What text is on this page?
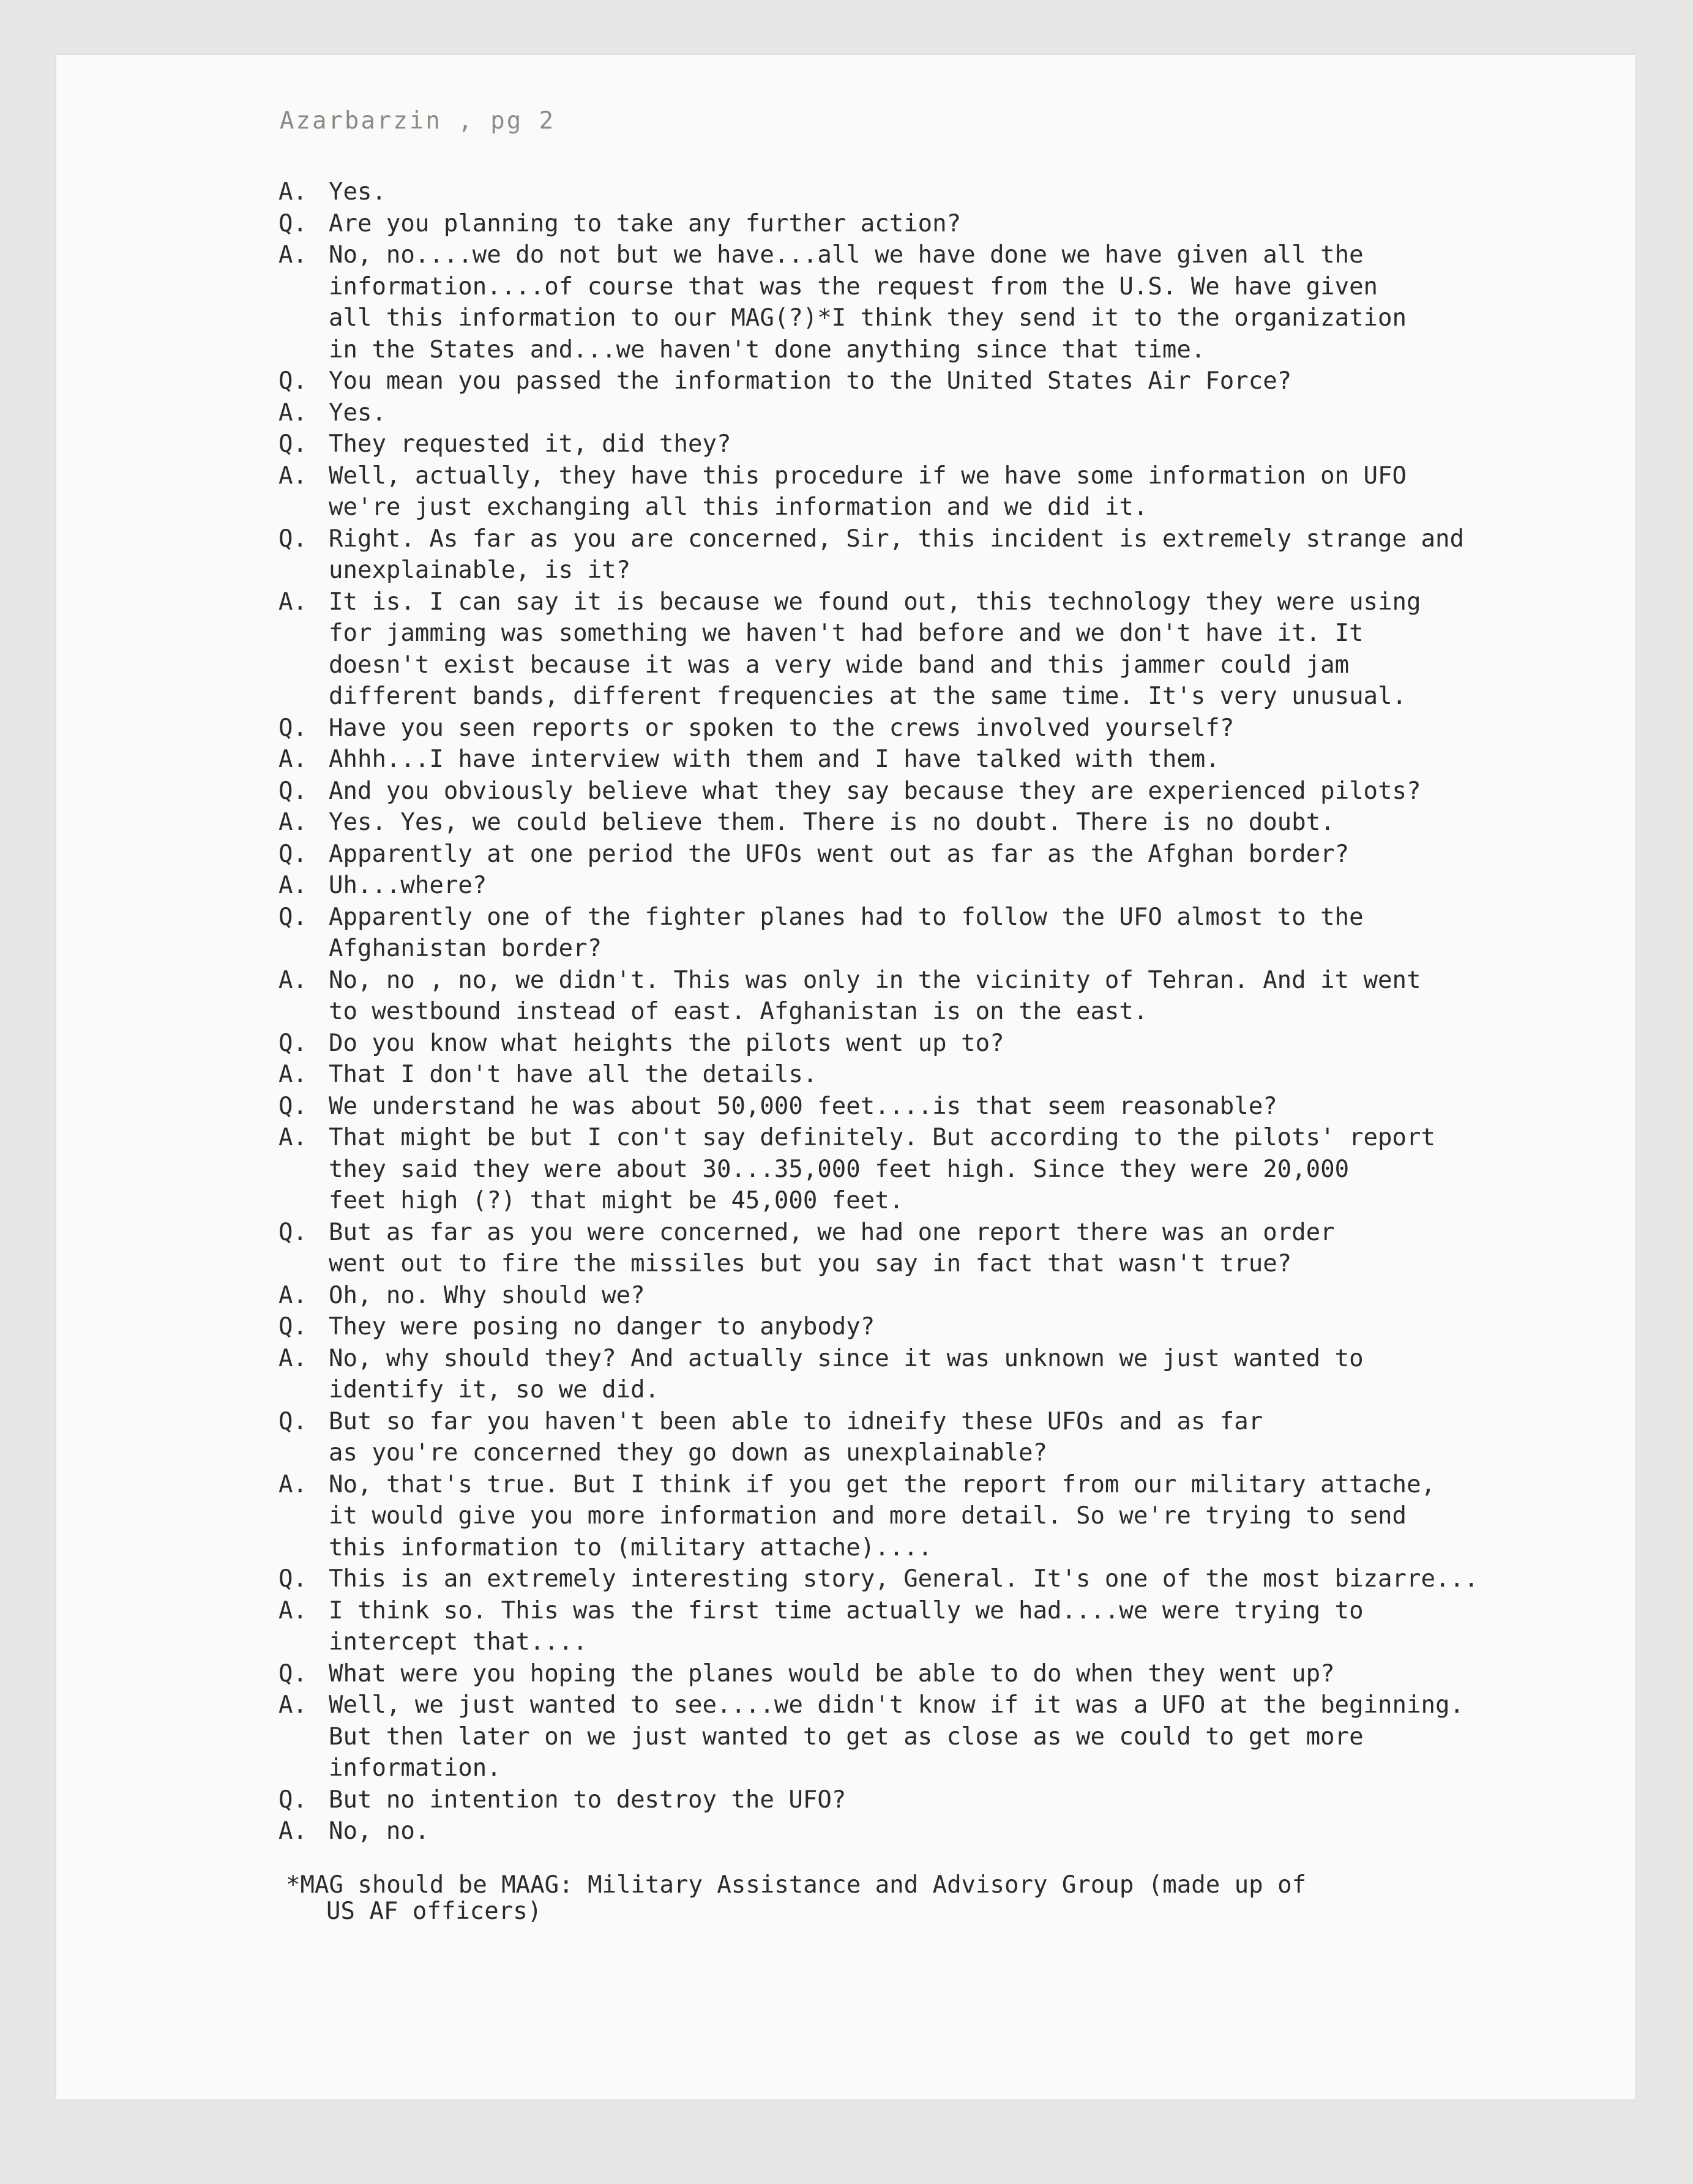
Azarbarzin , pg 2
A. Yes.
Q. Are you planning to take any further action?
A. No, no....we do not but we have...all we have done we have given all the
information....of course that was the request from the U.S. We have given
all this information to our MAG(?)*I think they send it to the organization
in the States and...we haven't done anything since that time.
Q. You mean you passed the information to the United States Air Force?
A. Yes.
Q. They requested it, did they?
A. Well, actually, they have this procedure if we have some information on UFO
we're just exchanging all this information and we did it.
Q. Right. As far as you are concerned, Sir, this incident is extremely strange and
unexplainable, is it?
A. It is. I can say it is because we found out, this technology they were using
for jamming was something we haven't had before and we don't have it. It
doesn't exist because it was a very wide band and this jammer could jam
different bands, different frequencies at the same time. It's very unusual.
Q. Have you seen reports or spoken to the crews involved yourself?
A. Ahhh...I have interview with them and I have talked with them.
Q. And you obviously believe what they say because they are experienced pilots?
A. Yes. Yes, we could believe them. There is no doubt. There is no doubt.
Q. Apparently at one period the UFOs went out as far as the Afghan border?
A. Uh...where?
Q. Apparently one of the fighter planes had to follow the UFO almost to the
Afghanistan border?
A. No, no , no, we didn't. This was only in the vicinity of Tehran. And it went
to westbound instead of east. Afghanistan is on the east.
Q. Do you know what heights the pilots went up to?
A. That I don't have all the details.
Q. We understand he was about 50,000 feet....is that seem reasonable?
A. That might be but I con't say definitely. But according to the pilots' report
they said they were about 30...35,000 feet high. Since they were 20,000
feet high (?) that might be 45,000 feet.
Q. But as far as you were concerned, we had one report there was an order
went out to fire the missiles but you say in fact that wasn't true?
A. Oh, no. Why should we?
Q. They were posing no danger to anybody?
A. No, why should they? And actually since it was unknown we just wanted to
identify it, so we did.
Q. But so far you haven't been able to idneify these UFOs and as far
as you're concerned they go down as unexplainable?
A. No, that's true. But I think if you get the report from our military attache,
it would give you more information and more detail. So we're trying to send
this information to (military attache)....
Q. This is an extremely interesting story, General. It's one of the most bizarre...
A. I think so. This was the first time actually we had....we were trying to
intercept that....
Q. What were you hoping the planes would be able to do when they went up?
A. Well, we just wanted to see....we didn't know if it was a UFO at the beginning.
But then later on we just wanted to get as close as we could to get more
information.
Q. But no intention to destroy the UFO?
A. No, no.
*MAG should be MAAG: Military Assistance and Advisory Group (made up of
US AF officers)
